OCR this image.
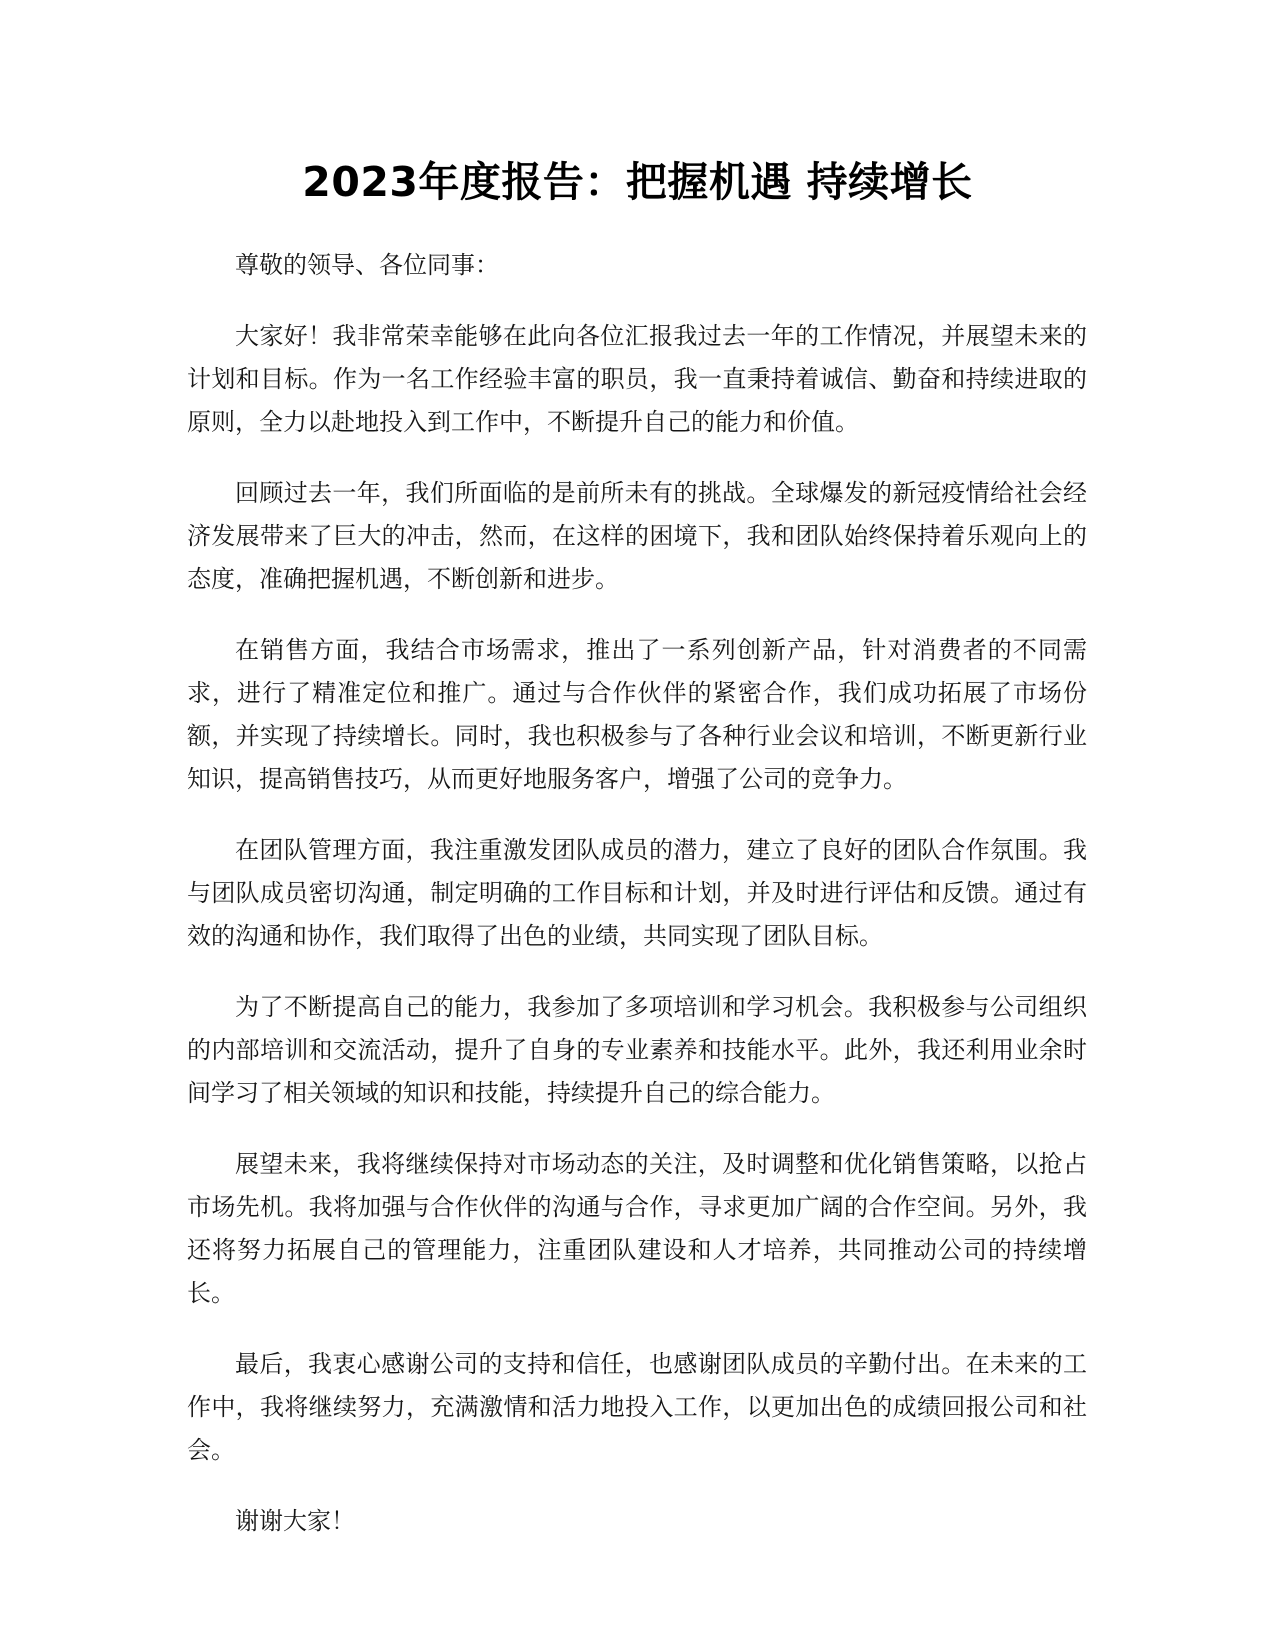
2023年度报告：把握机遇 持续增长

尊敬的领导、各位同事：

大家好！我非常荣幸能够在此向各位汇报我过去一年的工作情况，并展望未来的计划和目标。作为一名工作经验丰富的职员，我一直秉持着诚信、勤奋和持续进取的原则，全力以赴地投入到工作中，不断提升自己的能力和价值。

回顾过去一年，我们所面临的是前所未有的挑战。全球爆发的新冠疫情给社会经济发展带来了巨大的冲击，然而，在这样的困境下，我和团队始终保持着乐观向上的态度，准确把握机遇，不断创新和进步。

在销售方面，我结合市场需求，推出了一系列创新产品，针对消费者的不同需求，进行了精准定位和推广。通过与合作伙伴的紧密合作，我们成功拓展了市场份额，并实现了持续增长。同时，我也积极参与了各种行业会议和培训，不断更新行业知识，提高销售技巧，从而更好地服务客户，增强了公司的竞争力。

在团队管理方面，我注重激发团队成员的潜力，建立了良好的团队合作氛围。我与团队成员密切沟通，制定明确的工作目标和计划，并及时进行评估和反馈。通过有效的沟通和协作，我们取得了出色的业绩，共同实现了团队目标。

为了不断提高自己的能力，我参加了多项培训和学习机会。我积极参与公司组织的内部培训和交流活动，提升了自身的专业素养和技能水平。此外，我还利用业余时间学习了相关领域的知识和技能，持续提升自己的综合能力。

展望未来，我将继续保持对市场动态的关注，及时调整和优化销售策略，以抢占市场先机。我将加强与合作伙伴的沟通与合作，寻求更加广阔的合作空间。另外，我还将努力拓展自己的管理能力，注重团队建设和人才培养，共同推动公司的持续增长。

最后，我衷心感谢公司的支持和信任，也感谢团队成员的辛勤付出。在未来的工作中，我将继续努力，充满激情和活力地投入工作，以更加出色的成绩回报公司和社会。

谢谢大家！
